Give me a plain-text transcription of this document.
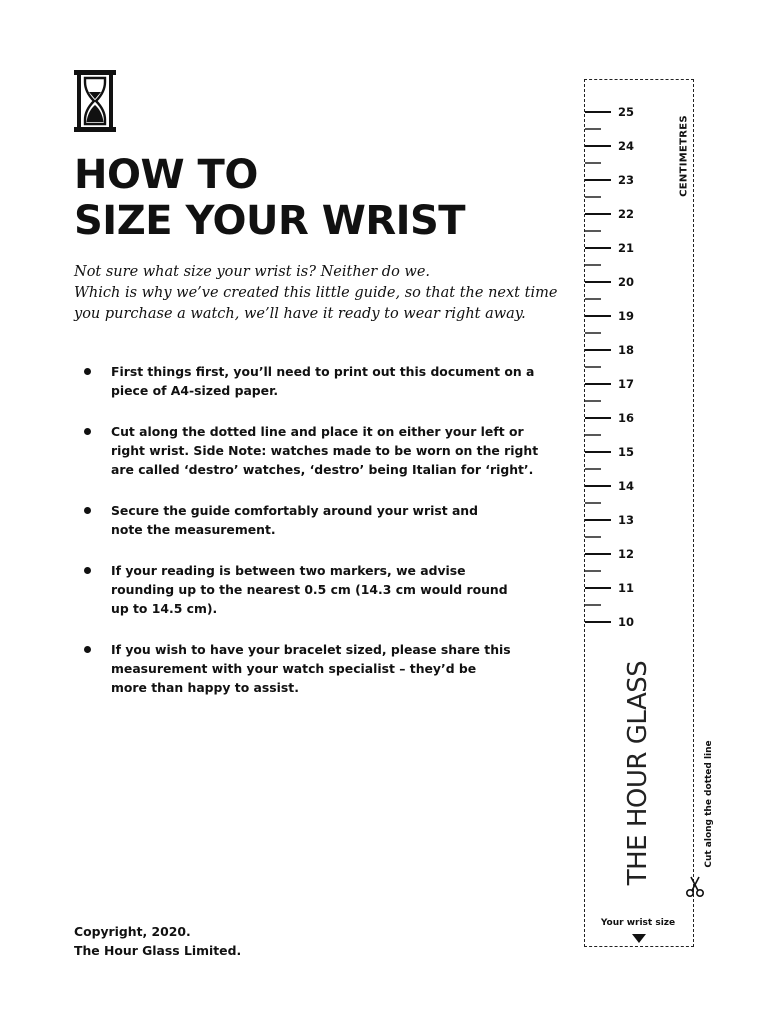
HOW TO
SIZE YOUR WRIST

Not sure what size your wrist is? Neither do we.
Which is why we’ve created this little guide, so that the next time
you purchase a watch, we’ll have it ready to wear right away.

First things first, you’ll need to print out this document on a
piece of A4-sized paper.
Cut along the dotted line and place it on either your left or
right wrist. Side Note: watches made to be worn on the right
are called ‘destro’ watches, ‘destro’ being Italian for ‘right’.
Secure the guide comfortably around your wrist and
note the measurement.
If your reading is between two markers, we advise
rounding up to the nearest 0.5 cm (14.3 cm would round
up to 14.5 cm).
If you wish to have your bracelet sized, please share this
measurement with your watch specialist – they’d be
more than happy to assist.
Copyright, 2020.
The Hour Glass Limited.
25
24
23
22
21
20
19
18
17
16
15
14
13
12
11
10
CENTIMETRES
THE HOUR GLASS	Cut along the dotted line
Your wrist size
